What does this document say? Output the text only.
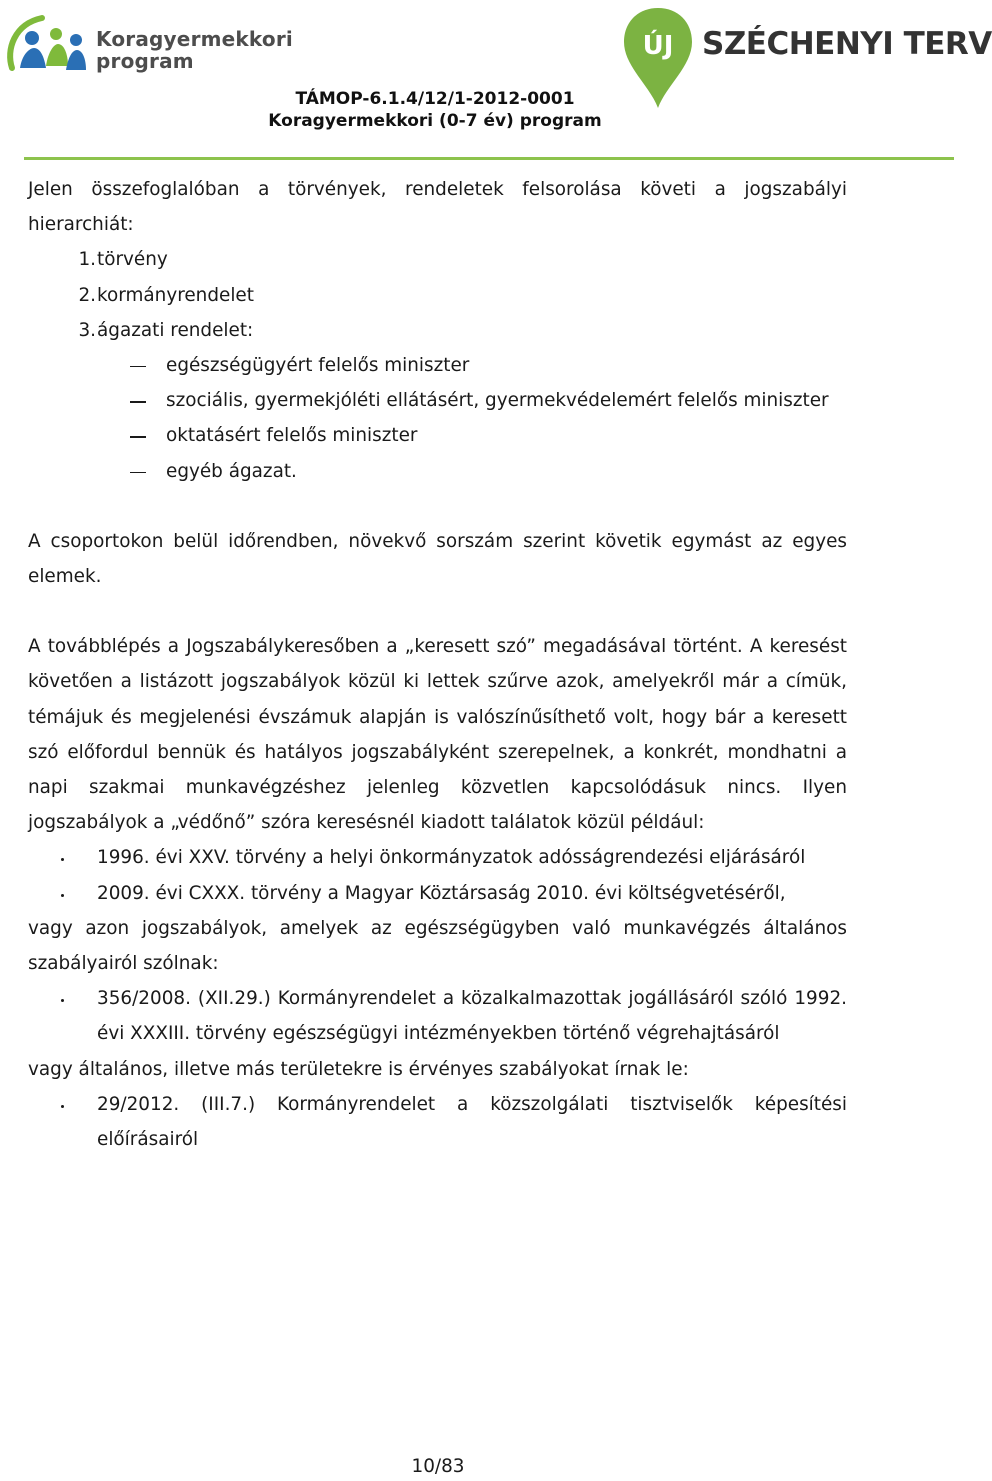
Koragyermekkori
program	ÚJ SZÉCHENYI TERV
TÁMOP-6.1.4/12/1-2012-0001
Koragyermekkori (0-7 év) program

Jelen összefoglalóban a törvények, rendeletek felsorolása követi a jogszabályi hierarchiát:

1. törvény
2. kormányrendelet
3. ágazati rendelet:
egészségügyért felelős miniszter
szociális, gyermekjóléti ellátásért, gyermekvédelemért felelős miniszter
oktatásért felelős miniszter
egyéb ágazat.

A csoportokon belül időrendben, növekvő sorszám szerint követik egymást az egyes elemek.

A továbblépés a Jogszabálykeresőben a „keresett szó” megadásával történt. A keresést követően a listázott jogszabályok közül ki lettek szűrve azok, amelyekről már a címük, témájuk és megjelenési évszámuk alapján is valószínűsíthető volt, hogy bár a keresett szó előfordul bennük és hatályos jogszabályként szerepelnek, a konkrét, mondhatni a napi szakmai munkavégzéshez jelenleg közvetlen kapcsolódásuk nincs. Ilyen jogszabályok a „védőnő” szóra keresésnél kiadott találatok közül például:

1996. évi XXV. törvény a helyi önkormányzatok adósságrendezési eljárásáról
2009. évi CXXX. törvény a Magyar Köztársaság 2010. évi költségvetéséről,

vagy azon jogszabályok, amelyek az egészségügyben való munkavégzés általános szabályairól szólnak:

356/2008. (XII.29.) Kormányrendelet a közalkalmazottak jogállásáról szóló 1992. évi XXXIII. törvény egészségügyi intézményekben történő végrehajtásáról

vagy általános, illetve más területekre is érvényes szabályokat írnak le:

29/2012. (III.7.) Kormányrendelet a közszolgálati tisztviselők képesítési előírásairól
10/83
